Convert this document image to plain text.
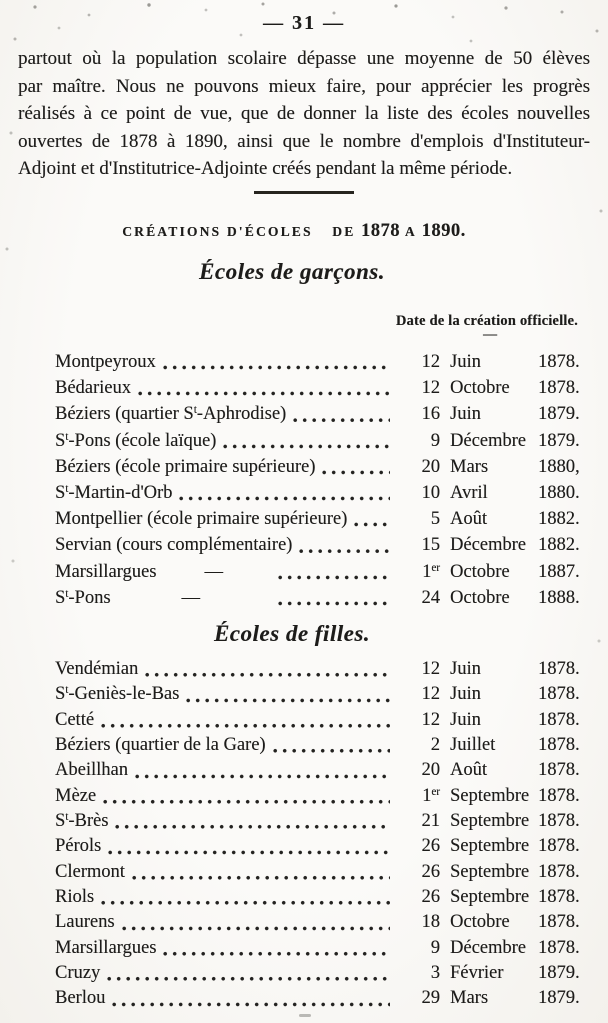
— 31 —
partout où la population scolaire dépasse une moyenne de 50 élèves
par maître. Nous ne pouvons mieux faire, pour apprécier les progrès
réalisés à ce point de vue, que de donner la liste des écoles nouvelles
ouvertes de 1878 à 1890, ainsi que le nombre d'emplois d'Instituteur-
Adjoint et d'Institutrice-Adjointe créés pendant la même période.
CRÉATIONS D'ÉCOLES DE 1878 A 1890.
Écoles de garçons.
Date de la création officielle.
—
Montpeyroux	12 Juin	1878.
Bédarieux	12 Octobre	1878.
Béziers (quartier $S^t-Aphrodise$)	16 Juin	1879.
$S^t$-Pons (école laïque)	9 Décembre 1879.
Béziers (école primaire supérieure)	20 Mars	1880,
$S^t-Martin-d'Orb$	10 Avril	1880.
Montpellier (école primaire supérieure)	5 Août	1882.
Servian (cours complémentaire)	15 Décembre 1882.
Marsillargues	—	1er Octobre	1887.
$S^t$-Pons	—	24 Octobre	1888.
Écoles de filles.
Vendémian	12 Juin	1878.
$S^t-Geniès-le$-Bas	12 Juin	1878.
Cetté	12 Juin	1878.
Béziers (quartier de la Gare)	2 Juillet	1878.
Abeillhan	20 Août	1878.
Mèze	1er Septembre 1878.
$S^t$-Brès	21 Septembre 1878.
Pérols	26 Septembre 1878.
Clermont	26 Septembre 1878.
Riols	26 Septembre 1878.
Laurens	18 Octobre	1878.
Marsillargues	9 Décembre 1878.
Cruzy	3 Février	1879.
Berlou	29 Mars	1879.
